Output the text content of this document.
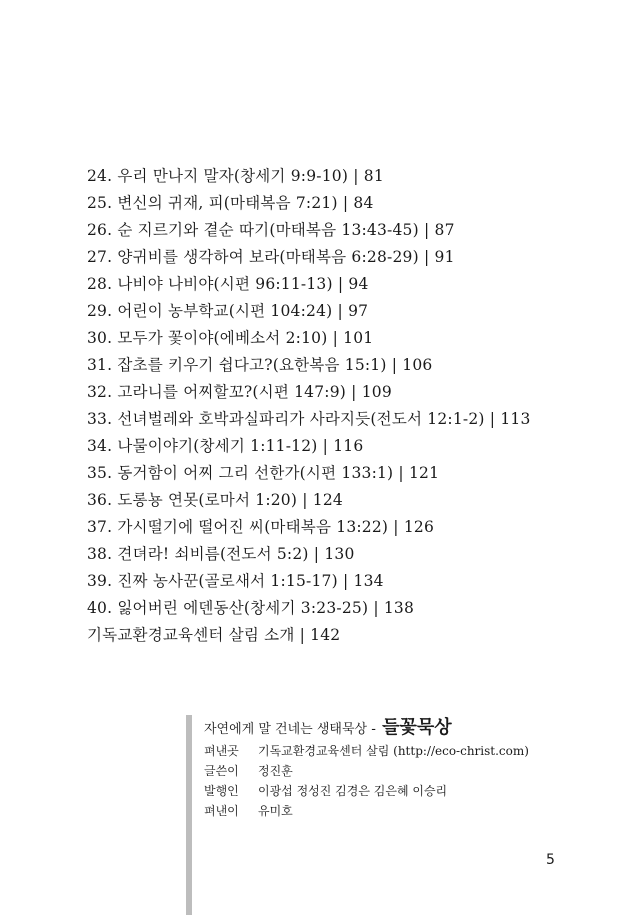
24. 우리 만나지 말자(창세기 9:9-10) | 81
25. 변신의 귀재, 피(마태복음 7:21) | 84
26. 순 지르기와 곁순 따기(마태복음 13:43-45) | 87
27. 양귀비를 생각하여 보라(마태복음 6:28-29) | 91
28. 나비야 나비야(시편 96:11-13) | 94
29. 어린이 농부학교(시편 104:24) | 97
30. 모두가 꽃이야(에베소서 2:10) | 101
31. 잡초를 키우기 쉽다고?(요한복음 15:1) | 106
32. 고라니를 어찌할꼬?(시편 147:9) | 109
33. 선녀벌레와 호박과실파리가 사라지듯(전도서 12:1-2) | 113
34. 나물이야기(창세기 1:11-12) | 116
35. 동거함이 어찌 그리 선한가(시편 133:1) | 121
36. 도롱뇽 연못(로마서 1:20) | 124
37. 가시떨기에 떨어진 씨(마태복음 13:22) | 126
38. 견뎌라! 쇠비름(전도서 5:2) | 130
39. 진짜 농사꾼(골로새서 1:15-17) | 134
40. 잃어버린 에덴동산(창세기 3:23-25) | 138
기독교환경교육센터 살림 소개 | 142
자연에게 말 건네는 생태묵상 - 들꽃묵상
펴낸곳 기독교환경교육센터 살림 (http://eco-christ.com)
글쓴이 정진훈
발행인 이광섭 정성진 김경은 김은혜 이승리
펴낸이 유미호
5
